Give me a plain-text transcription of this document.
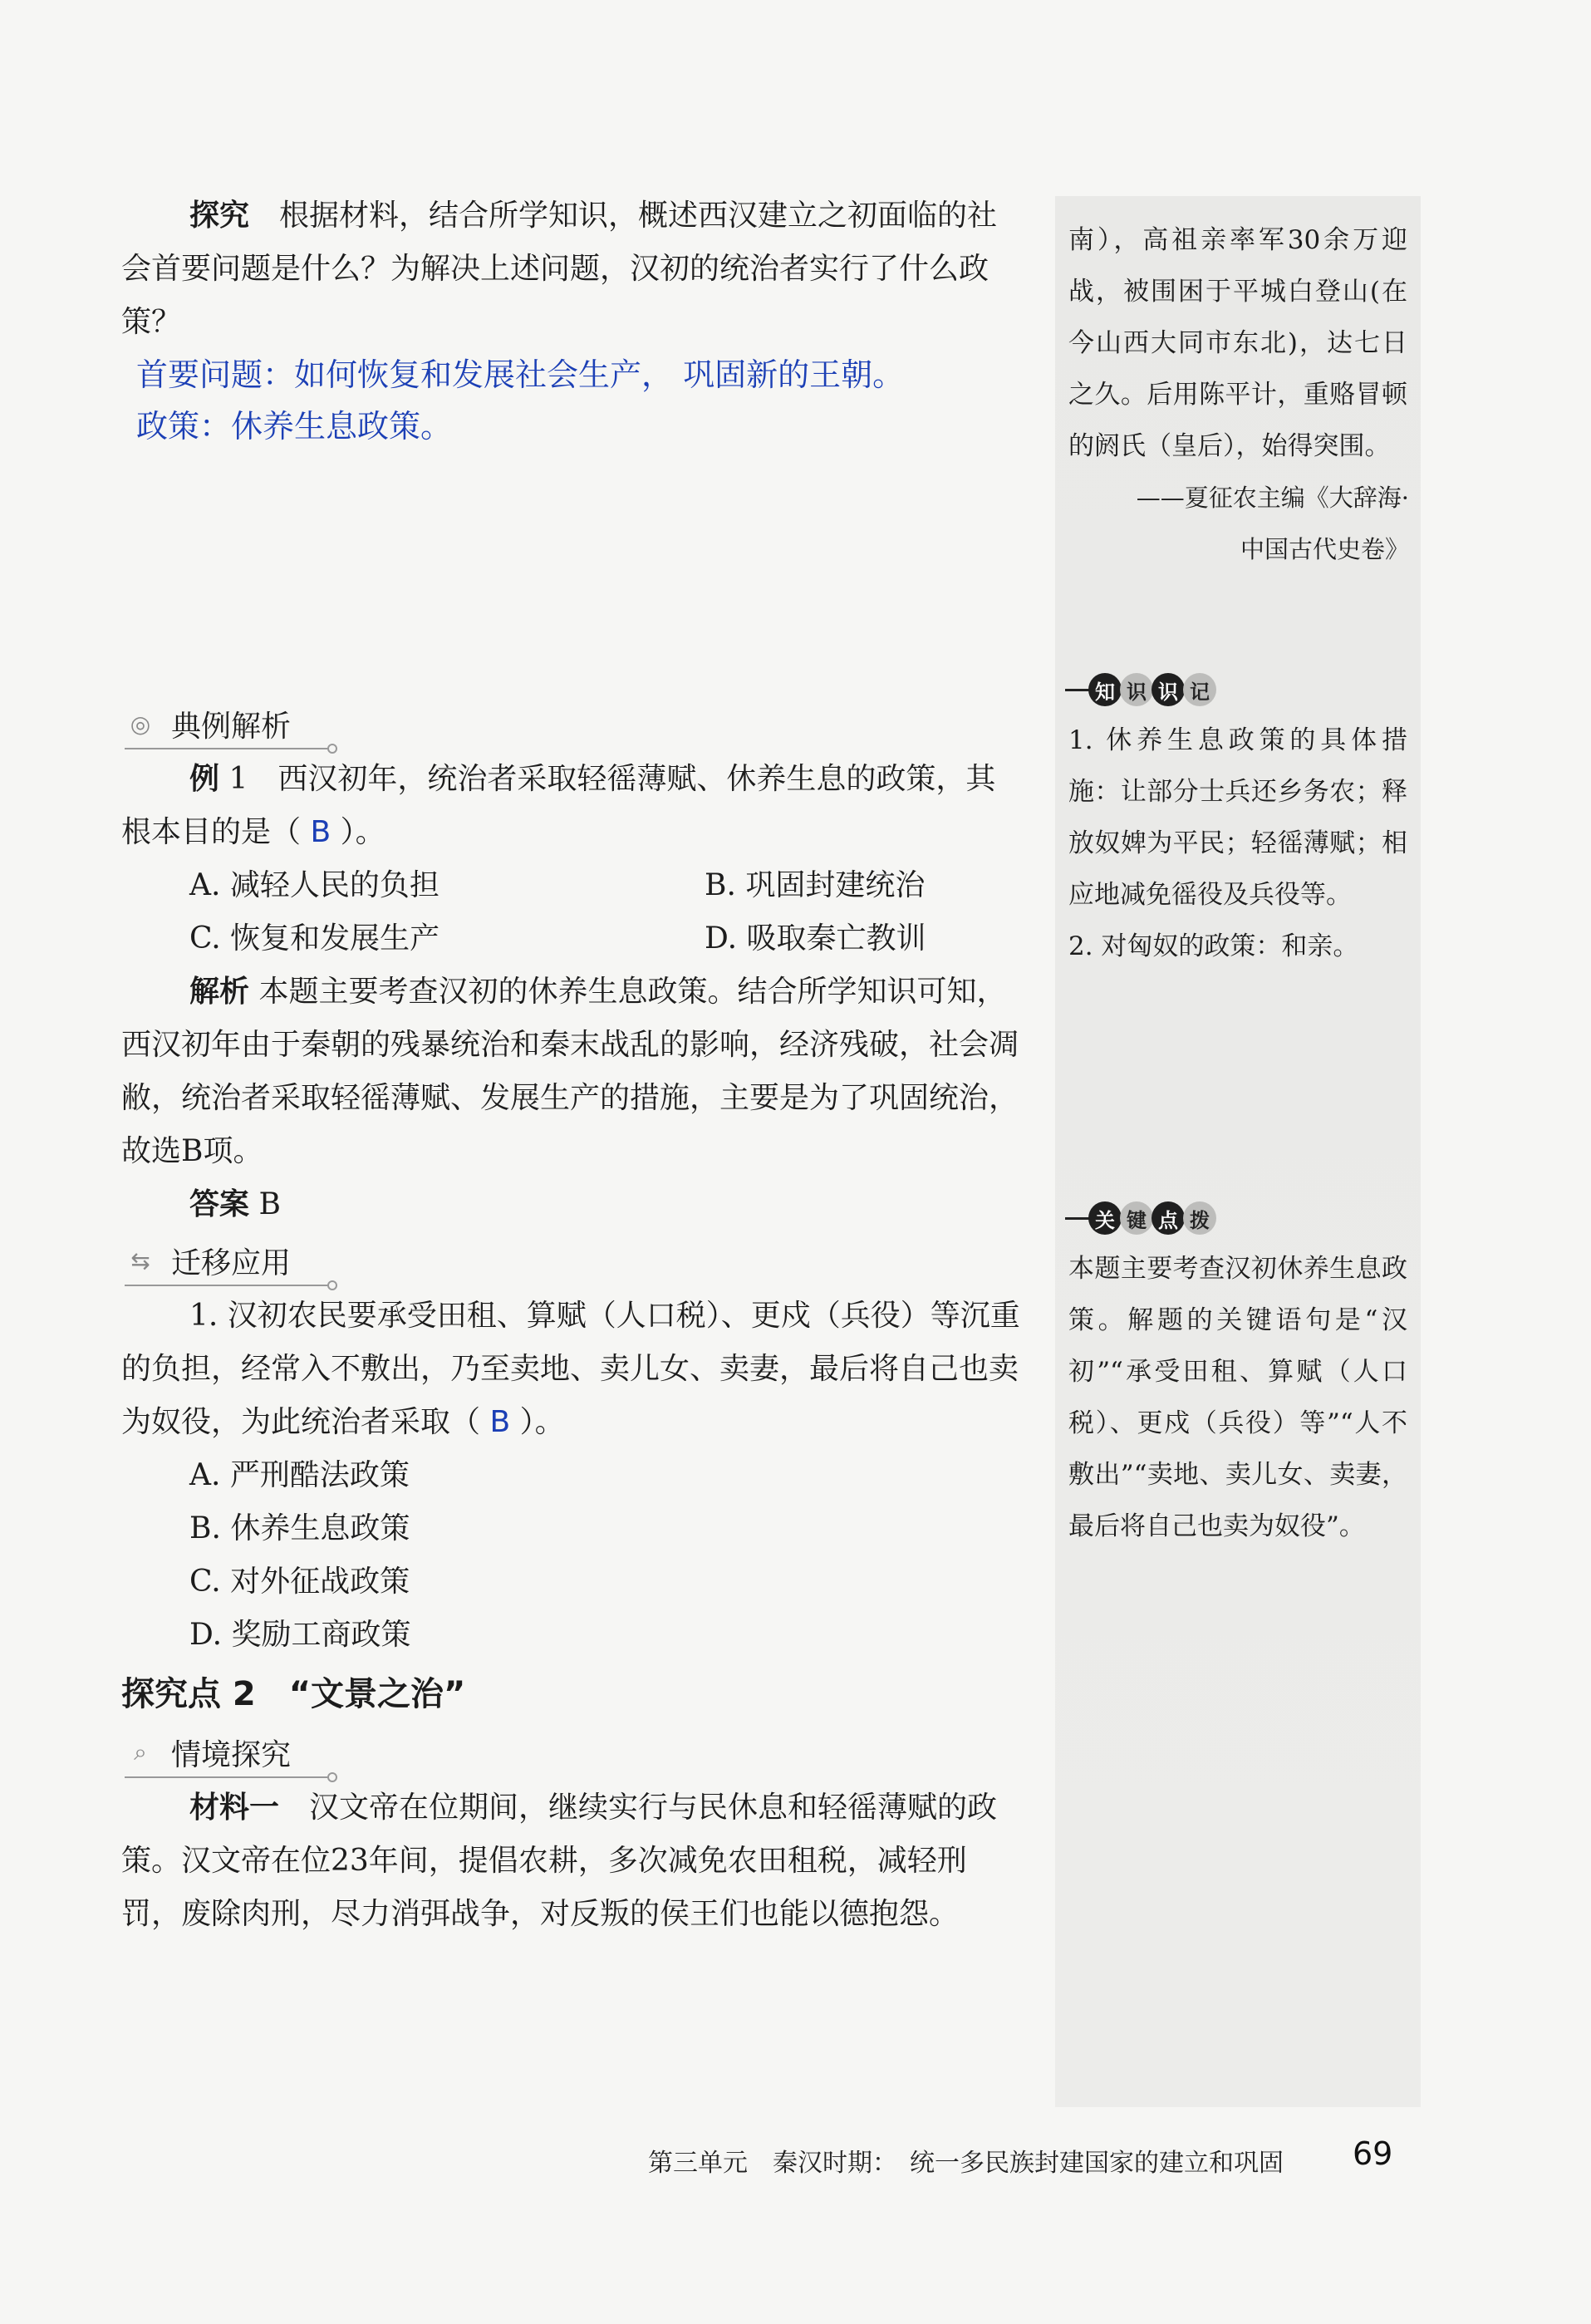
探究　 根据材料，结合所学知识，概述西汉建立之初面临的社会首要问题是什么？为解决上述问题，汉初的统治者实行了什么政策？

首要问题：如何恢复和发展社会生产， 巩固新的王朝。

政策：休养生息政策。

◎ 典例解析

例 1　 西汉初年，统治者采取轻徭薄赋、休养生息的政策，其根本目的是（ B ）。

A. 减轻人民的负担	B. 巩固封建统治
C. 恢复和发展生产	D. 吸取秦亡教训

解析 本题主要考查汉初的休养生息政策。结合所学知识可知，西汉初年由于秦朝的残暴统治和秦末战乱的影响，经济残破，社会凋敝，统治者采取轻徭薄赋、发展生产的措施，主要是为了巩固统治，故选B项。

答案 B

⇆ 迁移应用

1. 汉初农民要承受田租、算赋（人口税）、更戍（兵役）等沉重的负担，经常入不敷出，乃至卖地、卖儿女、卖妻，最后将自己也卖为奴役，为此统治者采取（ B ）。

A. 严刑酷法政策
B. 休养生息政策
C. 对外征战政策
D. 奖励工商政策
探究点 2　“文景之治”
⌕ 情境探究

材料一　 汉文帝在位期间，继续实行与民休息和轻徭薄赋的政策。汉文帝在位23年间，提倡农耕，多次减免农田租税，减轻刑罚，废除肉刑，尽力消弭战争，对反叛的侯王们也能以德抱怨。

南），高祖亲率军30余万迎战，被围困于平城白登山(在今山西大同市东北)，达七日之久。后用陈平计，重赂冒顿的阏氏（皇后），始得突围。

——夏征农主编《大辞海·
中国古代史卷》
知 识 识 记

1. 休养生息政策的具体措施：让部分士兵还乡务农；释放奴婢为平民；轻徭薄赋；相应地减免徭役及兵役等。

2. 对匈奴的政策：和亲。

关 键 点 拨

本题主要考查汉初休养生息政策。解题的关键语句是“汉初”“承受田租、算赋（人口税）、更戍（兵役）等”“人不敷出”“卖地、卖儿女、卖妻，最后将自己也卖为奴役”。

第三单元　秦汉时期：　统一多民族封建国家的建立和巩固 69
